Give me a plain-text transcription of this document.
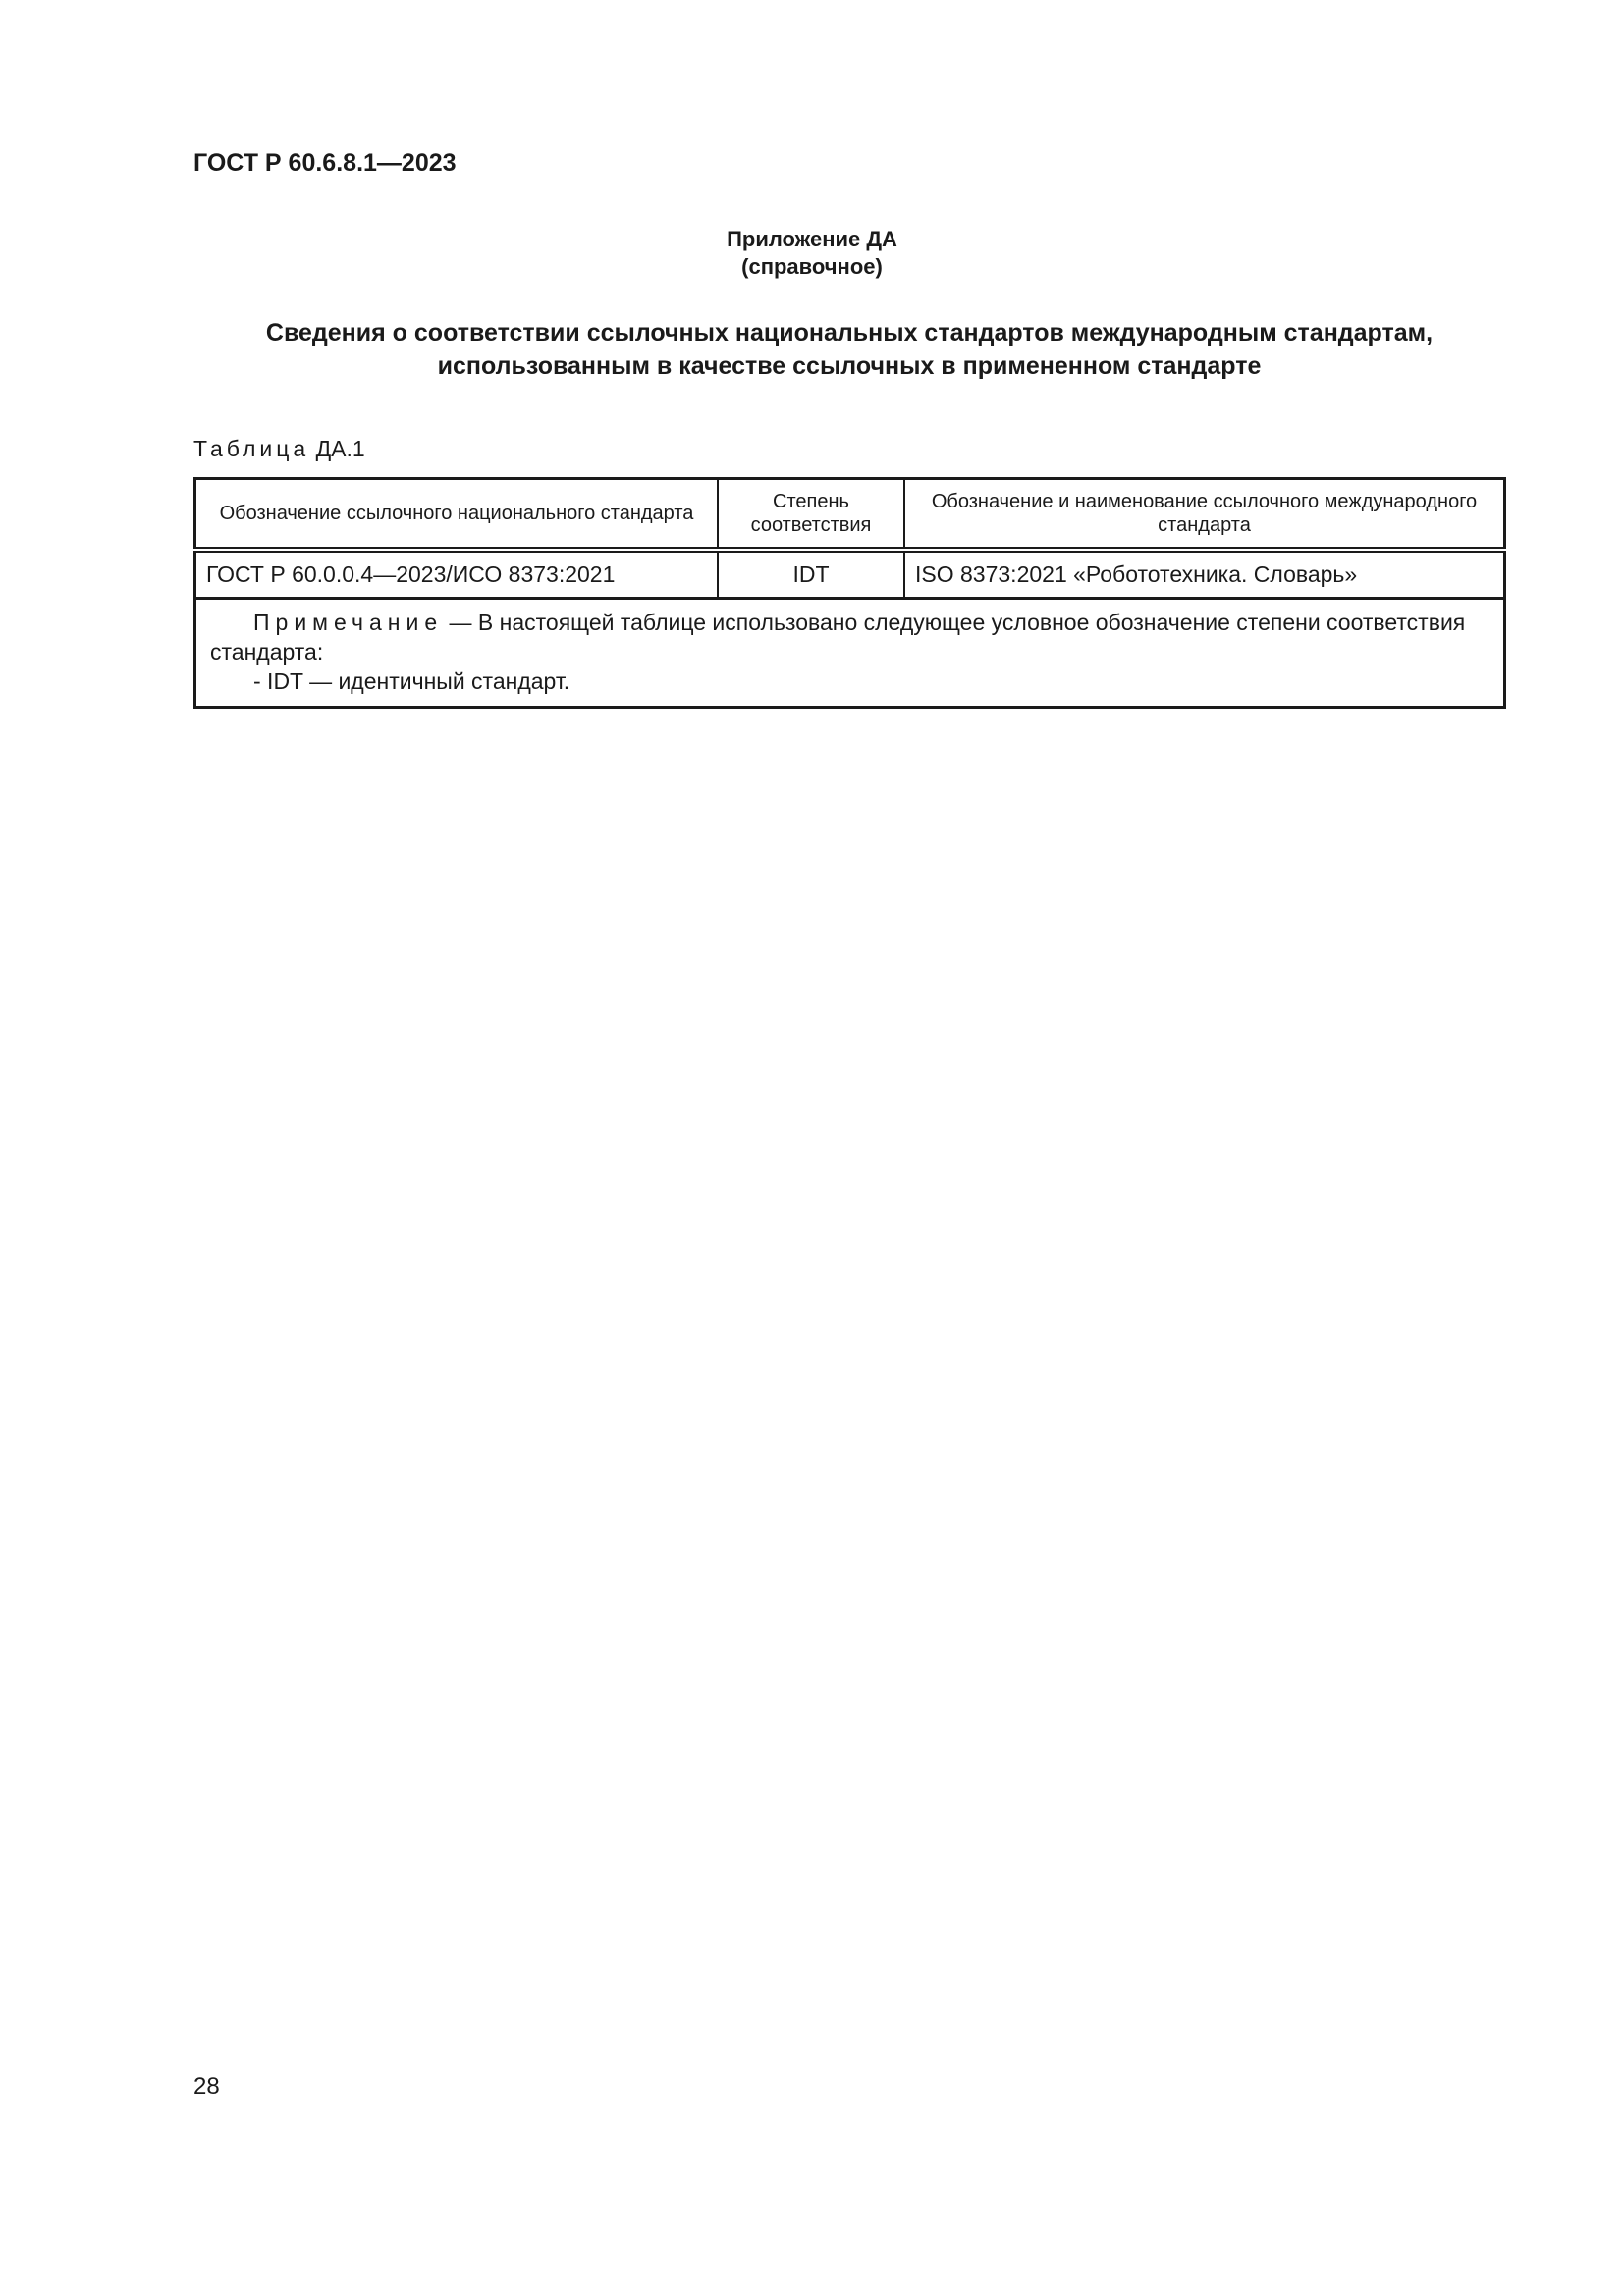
ГОСТ Р 60.6.8.1—2023
Приложение ДА
(справочное)
Сведения о соответствии ссылочных национальных стандартов международным стандартам,
использованным в качестве ссылочных в примененном стандарте
Таблица ДА.1
Обозначение ссылочного национального стандарта	Степень соответствия	Обозначение и наименование ссылочного международного стандарта
ГОСТ Р 60.0.0.4—2023/ИСО 8373:2021	IDT	ISO 8373:2021 «Робототехника. Словарь»

Примечание — В настоящей таблице использовано следующее условное обозначение степени соответствия стандарта:
- IDT — идентичный стандарт.		
28
